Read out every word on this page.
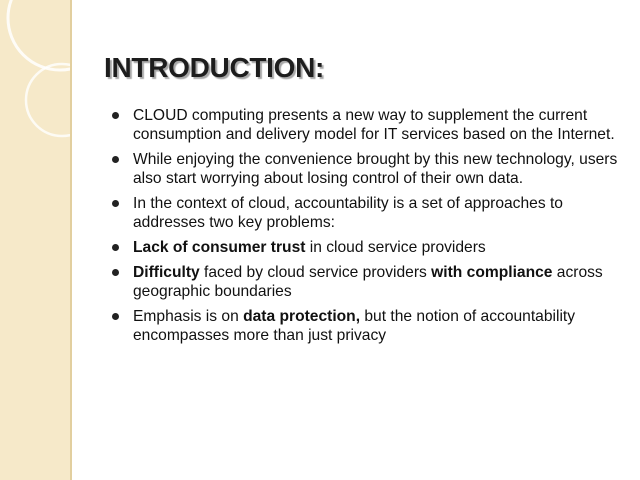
INTRODUCTION:
CLOUD computing presents a new way to supplement the current consumption and delivery model for IT services based on the Internet.
While enjoying the convenience brought by this new technology, users also start worrying about losing control of their own data.
In the context of cloud, accountability is a set of approaches to addresses two key problems:
Lack of consumer trust in cloud service providers
Difficulty faced by cloud service providers with compliance across geographic boundaries
Emphasis is on data protection, but the notion of accountability encompasses more than just privacy
